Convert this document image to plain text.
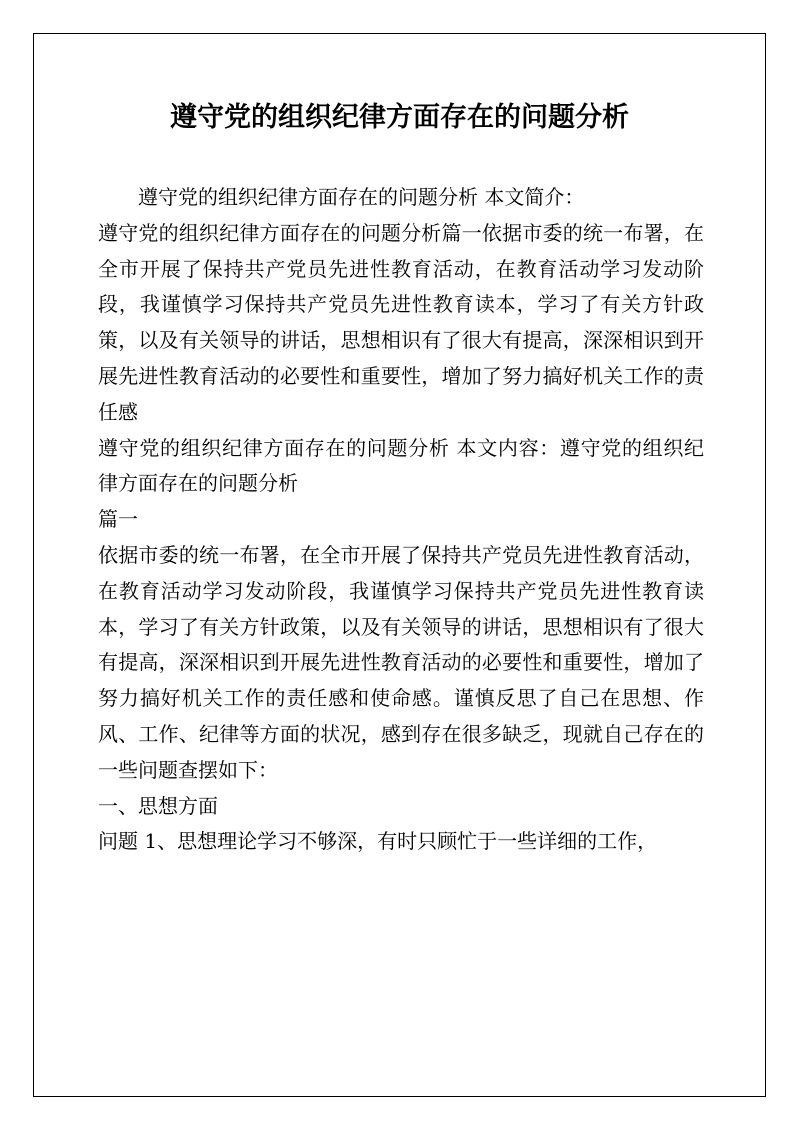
遵守党的组织纪律方面存在的问题分析

遵守党的组织纪律方面存在的问题分析 本文简介：

遵守党的组织纪律方面存在的问题分析篇一依据市委的统一布署，在全市开展了保持共产党员先进性教育活动，在教育活动学习发动阶段，我谨慎学习保持共产党员先进性教育读本，学习了有关方针政策，以及有关领导的讲话，思想相识有了很大有提高，深深相识到开展先进性教育活动的必要性和重要性，增加了努力搞好机关工作的责任感

遵守党的组织纪律方面存在的问题分析 本文内容：遵守党的组织纪律方面存在的问题分析

篇一

依据市委的统一布署，在全市开展了保持共产党员先进性教育活动，在教育活动学习发动阶段，我谨慎学习保持共产党员先进性教育读本，学习了有关方针政策，以及有关领导的讲话，思想相识有了很大有提高，深深相识到开展先进性教育活动的必要性和重要性，增加了努力搞好机关工作的责任感和使命感。谨慎反思了自己在思想、作风、工作、纪律等方面的状况，感到存在很多缺乏，现就自己存在的一些问题查摆如下：

一、思想方面

问题 1、思想理论学习不够深，有时只顾忙于一些详细的工作，
